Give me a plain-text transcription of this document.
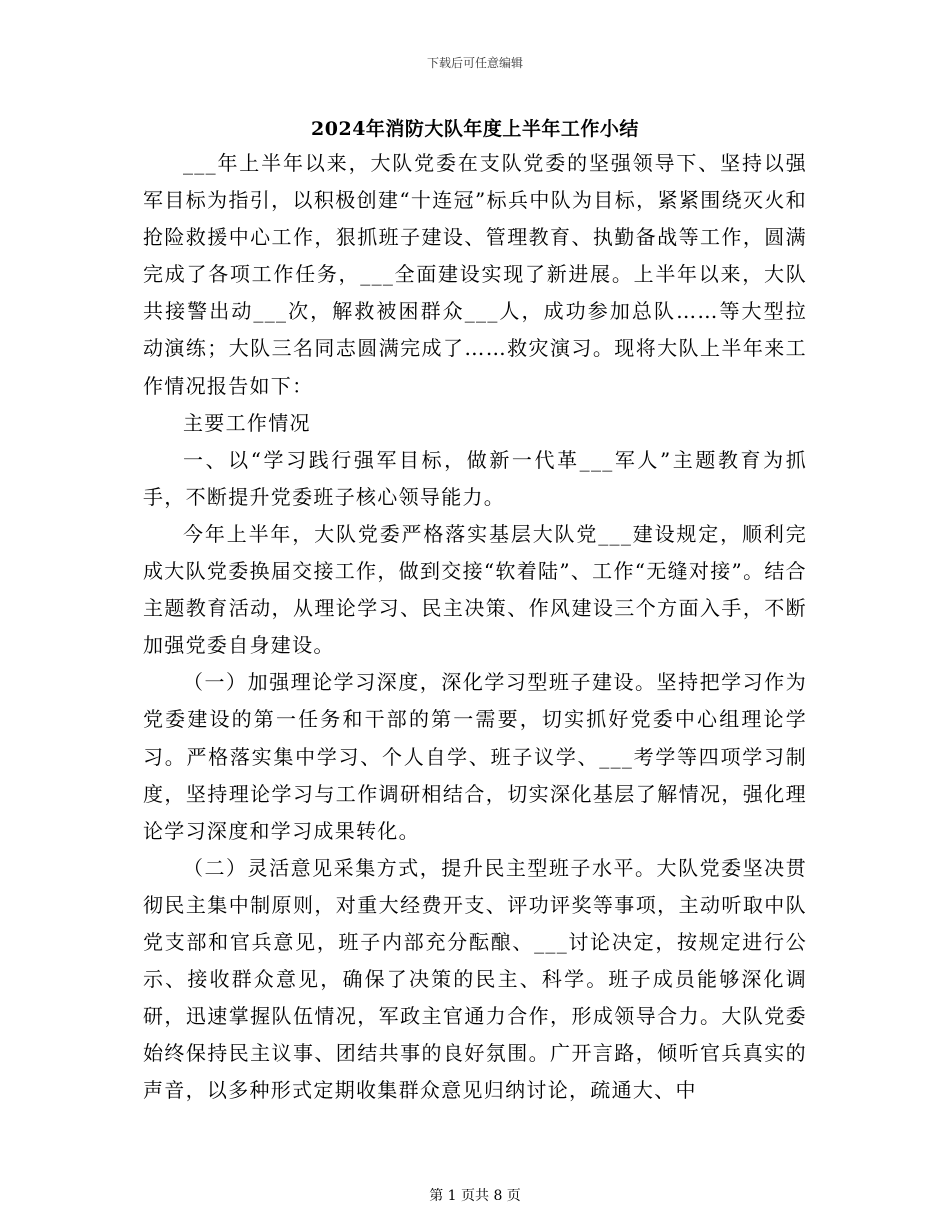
下载后可任意编辑
2024年消防大队年度上半年工作小结

___年上半年以来，大队党委在支队党委的坚强领导下、坚持以强军目标为指引，以积极创建“十连冠”标兵中队为目标，紧紧围绕灭火和抢险救援中心工作，狠抓班子建设、管理教育、执勤备战等工作，圆满完成了各项工作任务，___全面建设实现了新进展。上半年以来，大队共接警出动___次，解救被困群众___人，成功参加总队……等大型拉动演练；大队三名同志圆满完成了……救灾演习。现将大队上半年来工作情况报告如下：

主要工作情况

一、以“学习践行强军目标，做新一代革___军人”主题教育为抓手，不断提升党委班子核心领导能力。

今年上半年，大队党委严格落实基层大队党___建设规定，顺利完成大队党委换届交接工作，做到交接“软着陆”、工作“无缝对接”。结合主题教育活动，从理论学习、民主决策、作风建设三个方面入手，不断加强党委自身建设。

（一）加强理论学习深度，深化学习型班子建设。坚持把学习作为党委建设的第一任务和干部的第一需要，切实抓好党委中心组理论学习。严格落实集中学习、个人自学、班子议学、___考学等四项学习制度，坚持理论学习与工作调研相结合，切实深化基层了解情况，强化理论学习深度和学习成果转化。

（二）灵活意见采集方式，提升民主型班子水平。大队党委坚决贯彻民主集中制原则，对重大经费开支、评功评奖等事项，主动听取中队党支部和官兵意见，班子内部充分酝酿、___讨论决定，按规定进行公示、接收群众意见，确保了决策的民主、科学。班子成员能够深化调研，迅速掌握队伍情况，军政主官通力合作，形成领导合力。大队党委始终保持民主议事、团结共事的良好氛围。广开言路，倾听官兵真实的声音，以多种形式定期收集群众意见归纳讨论，疏通大、中

第 1 页共 8 页
